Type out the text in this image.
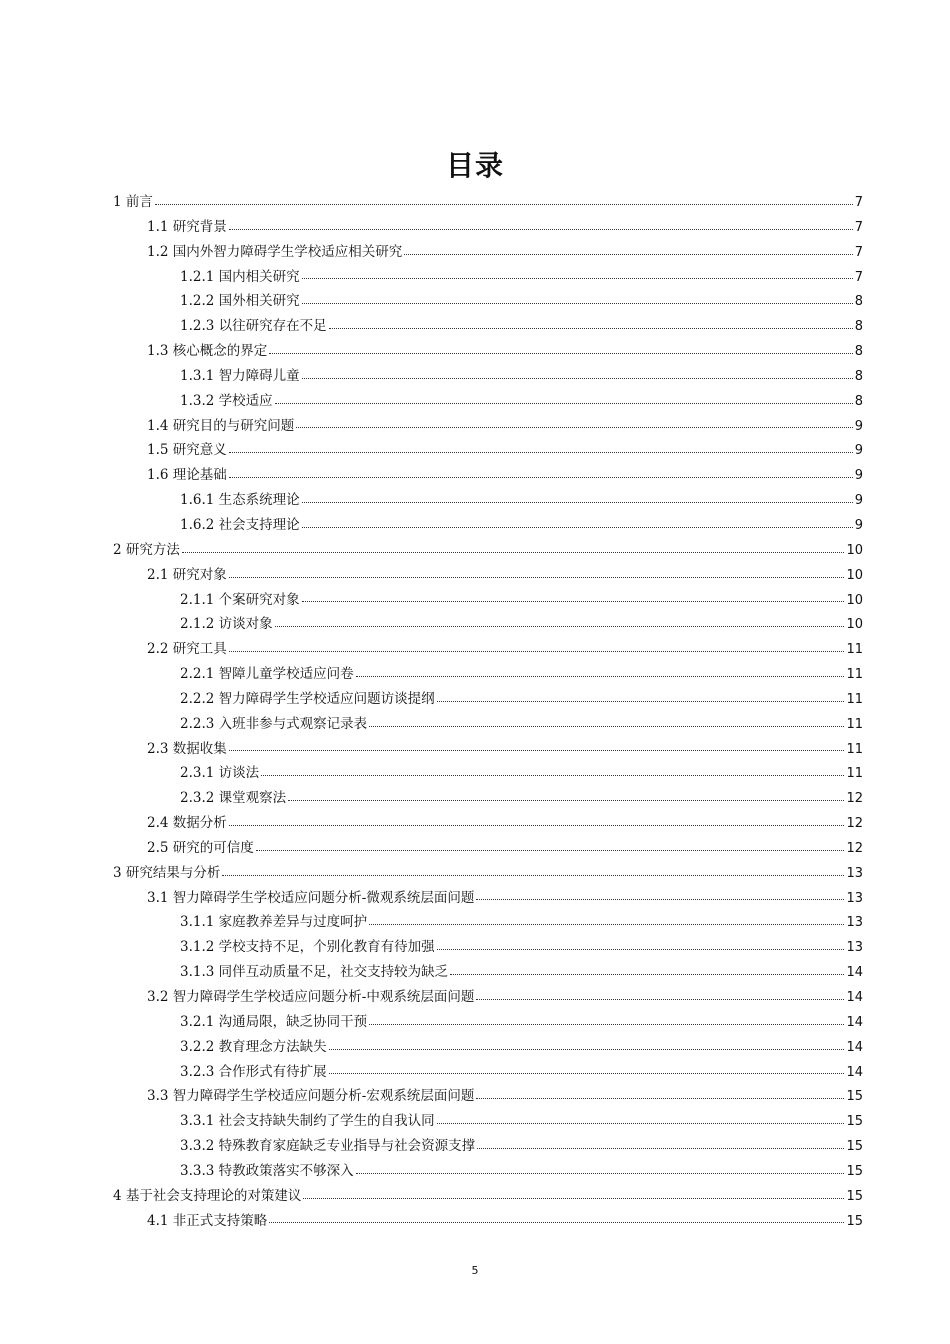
目录
1 前言	7
1.1 研究背景	7
1.2 国内外智力障碍学生学校适应相关研究	7
1.2.1 国内相关研究	7
1.2.2 国外相关研究	8
1.2.3 以往研究存在不足	8
1.3 核心概念的界定	8
1.3.1 智力障碍儿童	8
1.3.2 学校适应	8
1.4 研究目的与研究问题	9
1.5 研究意义	9
1.6 理论基础	9
1.6.1 生态系统理论	9
1.6.2 社会支持理论	9
2 研究方法	10
2.1 研究对象	10
2.1.1 个案研究对象	10
2.1.2 访谈对象	10
2.2 研究工具	11
2.2.1 智障儿童学校适应问卷	11
2.2.2 智力障碍学生学校适应问题访谈提纲	11
2.2.3 入班非参与式观察记录表	11
2.3 数据收集	11
2.3.1 访谈法	11
2.3.2 课堂观察法	12
2.4 数据分析	12
2.5 研究的可信度	12
3 研究结果与分析	13
3.1 智力障碍学生学校适应问题分析-微观系统层面问题	13
3.1.1 家庭教养差异与过度呵护	13
3.1.2 学校支持不足，个别化教育有待加强	13
3.1.3 同伴互动质量不足，社交支持较为缺乏	14
3.2 智力障碍学生学校适应问题分析-中观系统层面问题	14
3.2.1 沟通局限，缺乏协同干预	14
3.2.2 教育理念方法缺失	14
3.2.3 合作形式有待扩展	14
3.3 智力障碍学生学校适应问题分析-宏观系统层面问题	15
3.3.1 社会支持缺失制约了学生的自我认同	15
3.3.2 特殊教育家庭缺乏专业指导与社会资源支撑	15
3.3.3 特教政策落实不够深入	15
4 基于社会支持理论的对策建议	15
4.1 非正式支持策略	15
5
